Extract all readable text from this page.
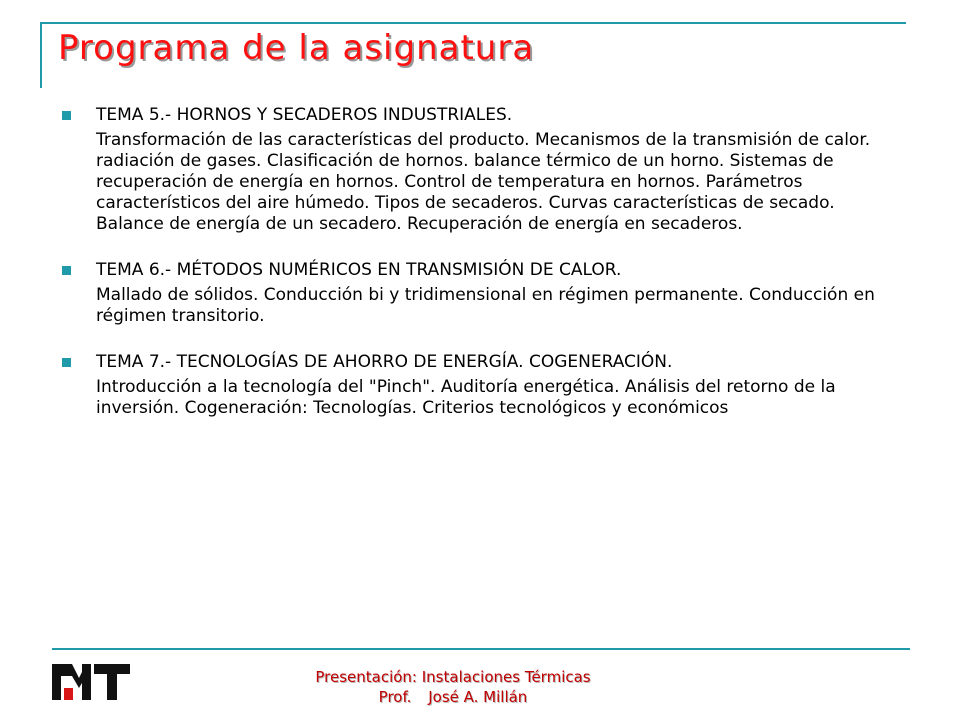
Programa de la asignatura
TEMA 5.- HORNOS Y SECADEROS INDUSTRIALES.
Transformación de las características del producto. Mecanismos de la transmisión de calor. radiación de gases. Clasificación de hornos. balance térmico de un horno. Sistemas de recuperación de energía en hornos. Control de temperatura en hornos. Parámetros característicos del aire húmedo. Tipos de secaderos. Curvas características de secado. Balance de energía de un secadero. Recuperación de energía en secaderos.
TEMA 6.- MÉTODOS NUMÉRICOS EN TRANSMISIÓN DE CALOR.
Mallado de sólidos. Conducción bi y tridimensional en régimen permanente. Conducción en régimen transitorio.
TEMA 7.- TECNOLOGÍAS DE AHORRO DE ENERGÍA. COGENERACIÓN.
Introducción a la tecnología del "Pinch". Auditoría energética. Análisis del retorno de la inversión. Cogeneración: Tecnologías. Criterios tecnológicos y económicos
Presentación: Instalaciones Térmicas
Prof. José A. Millán
